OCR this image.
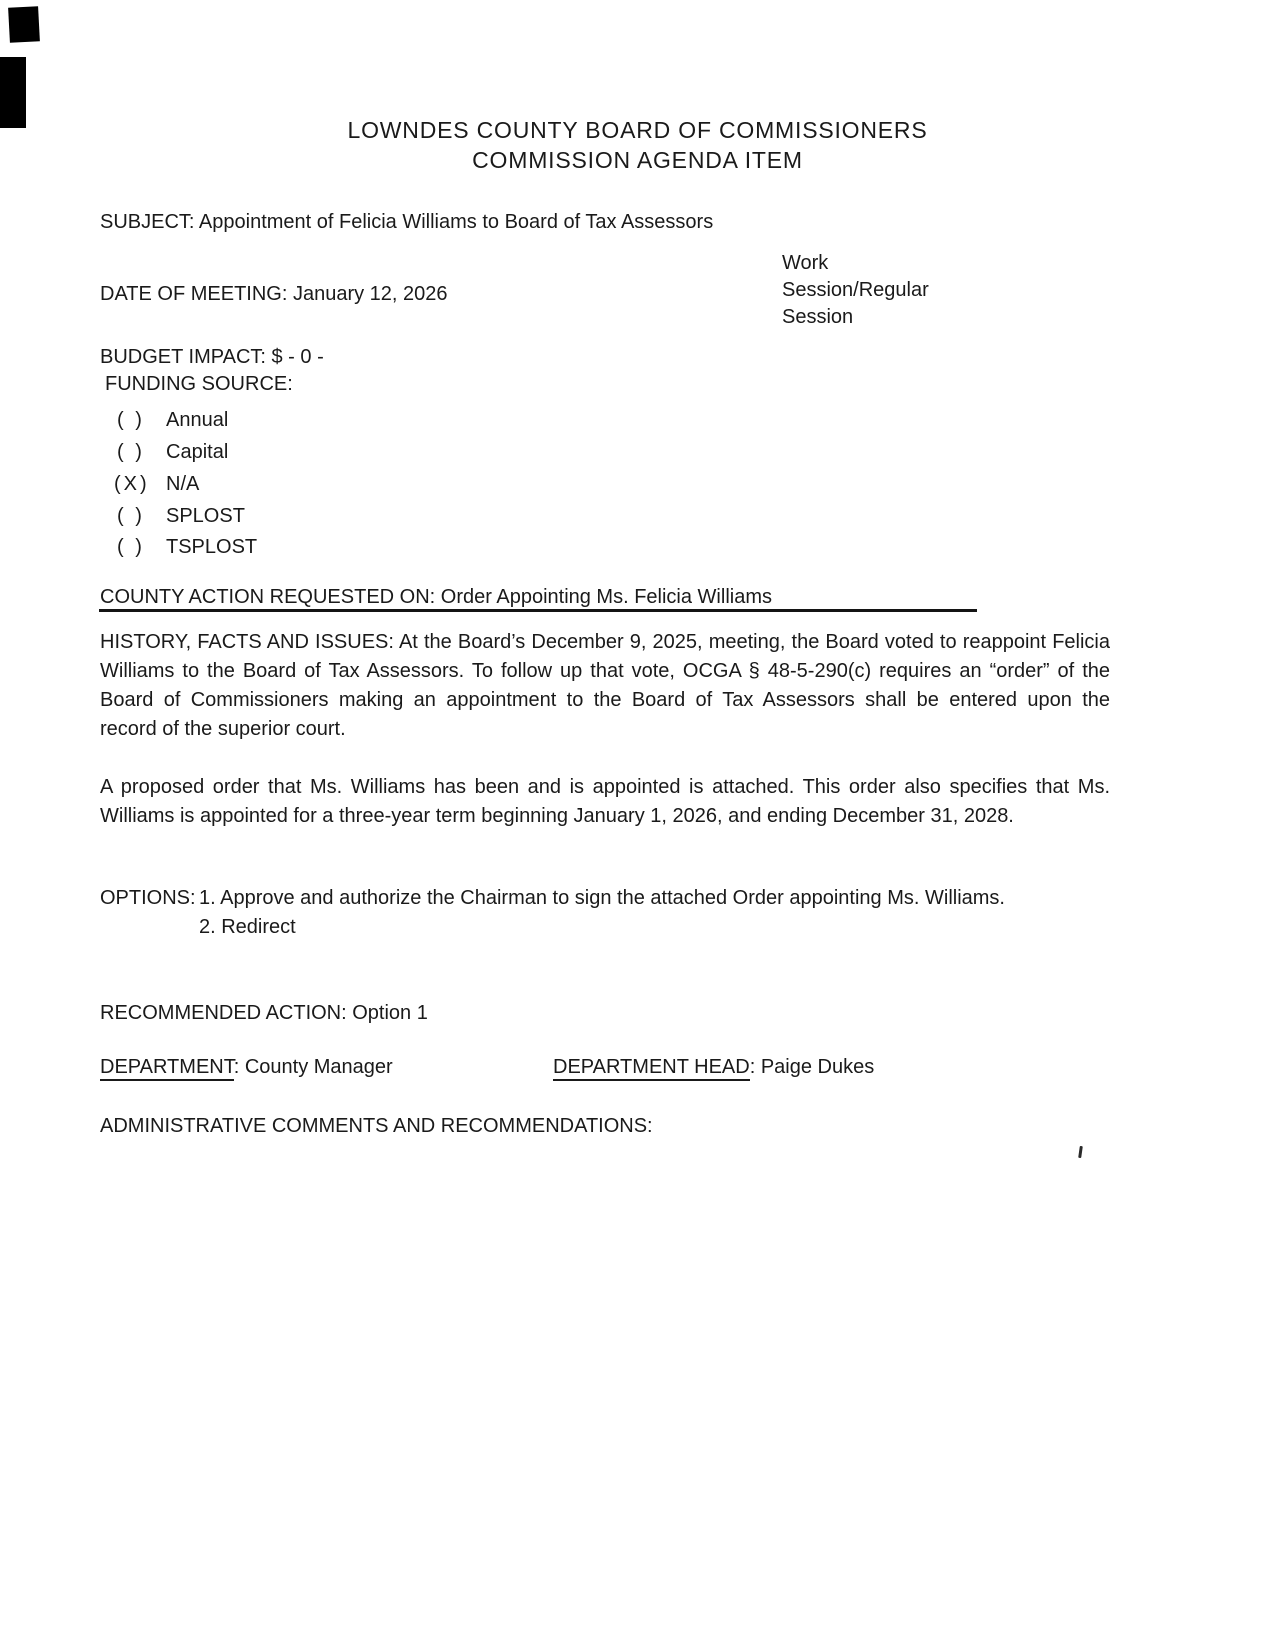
LOWNDES COUNTY BOARD OF COMMISSIONERS
COMMISSION AGENDA ITEM
SUBJECT: Appointment of Felicia Williams to Board of Tax Assessors
Work
Session/Regular
Session
DATE OF MEETING: January 12, 2026
BUDGET IMPACT: $ - 0 -
FUNDING SOURCE:
( ) Annual
( ) Capital
(X) N/A
( ) SPLOST
( ) TSPLOST
COUNTY ACTION REQUESTED ON: Order Appointing Ms. Felicia Williams
HISTORY, FACTS AND ISSUES: At the Board’s December 9, 2025, meeting, the Board voted to reappoint Felicia
Williams to the Board of Tax Assessors. To follow up that vote, OCGA § 48-5-290(c) requires an “order” of the
Board of Commissioners making an appointment to the Board of Tax Assessors shall be entered upon the
record of the superior court.
A proposed order that Ms. Williams has been and is appointed is attached. This order also specifies that Ms.
Williams is appointed for a three-year term beginning January 1, 2026, and ending December 31, 2028.
OPTIONS: 1. Approve and authorize the Chairman to sign the attached Order appointing Ms. Williams.
2. Redirect
RECOMMENDED ACTION: Option 1
DEPARTMENT: County Manager	DEPARTMENT HEAD: Paige Dukes
ADMINISTRATIVE COMMENTS AND RECOMMENDATIONS:
